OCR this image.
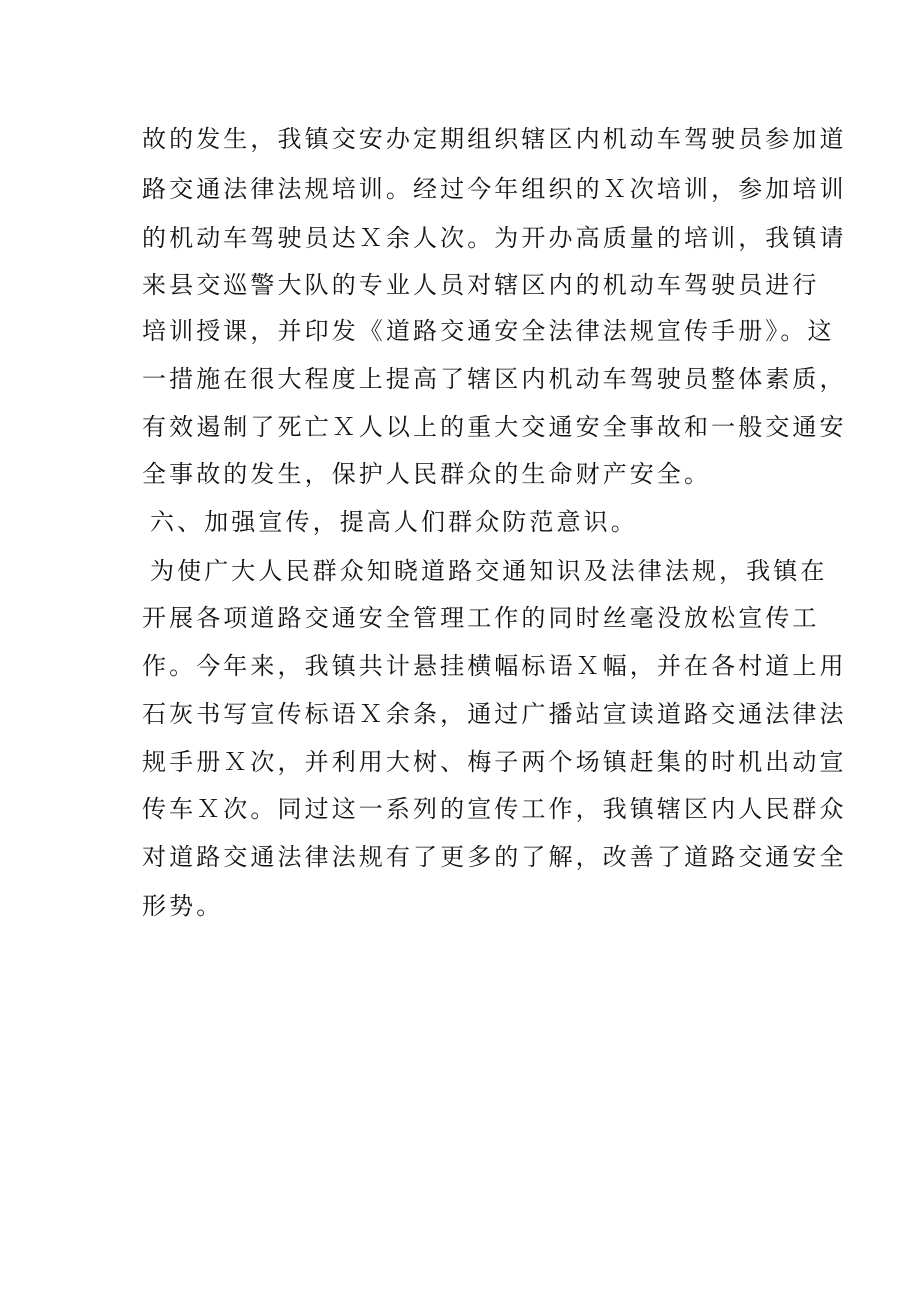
故的发生，我镇交安办定期组织辖区内机动车驾驶员参加道
路交通法律法规培训。经过今年组织的Ｘ次培训，参加培训
的机动车驾驶员达Ｘ余人次。为开办高质量的培训，我镇请
来县交巡警大队的专业人员对辖区内的机动车驾驶员进行
培训授课，并印发《道路交通安全法律法规宣传手册》。这
一措施在很大程度上提高了辖区内机动车驾驶员整体素质，
有效遏制了死亡Ｘ人以上的重大交通安全事故和一般交通安
全事故的发生，保护人民群众的生命财产安全。
六、加强宣传，提高人们群众防范意识。
为使广大人民群众知晓道路交通知识及法律法规，我镇在
开展各项道路交通安全管理工作的同时丝毫没放松宣传工
作。今年来，我镇共计悬挂横幅标语Ｘ幅，并在各村道上用
石灰书写宣传标语Ｘ余条，通过广播站宣读道路交通法律法
规手册Ｘ次，并利用大树、梅子两个场镇赶集的时机出动宣
传车Ｘ次。同过这一系列的宣传工作，我镇辖区内人民群众
对道路交通法律法规有了更多的了解，改善了道路交通安全
形势。
